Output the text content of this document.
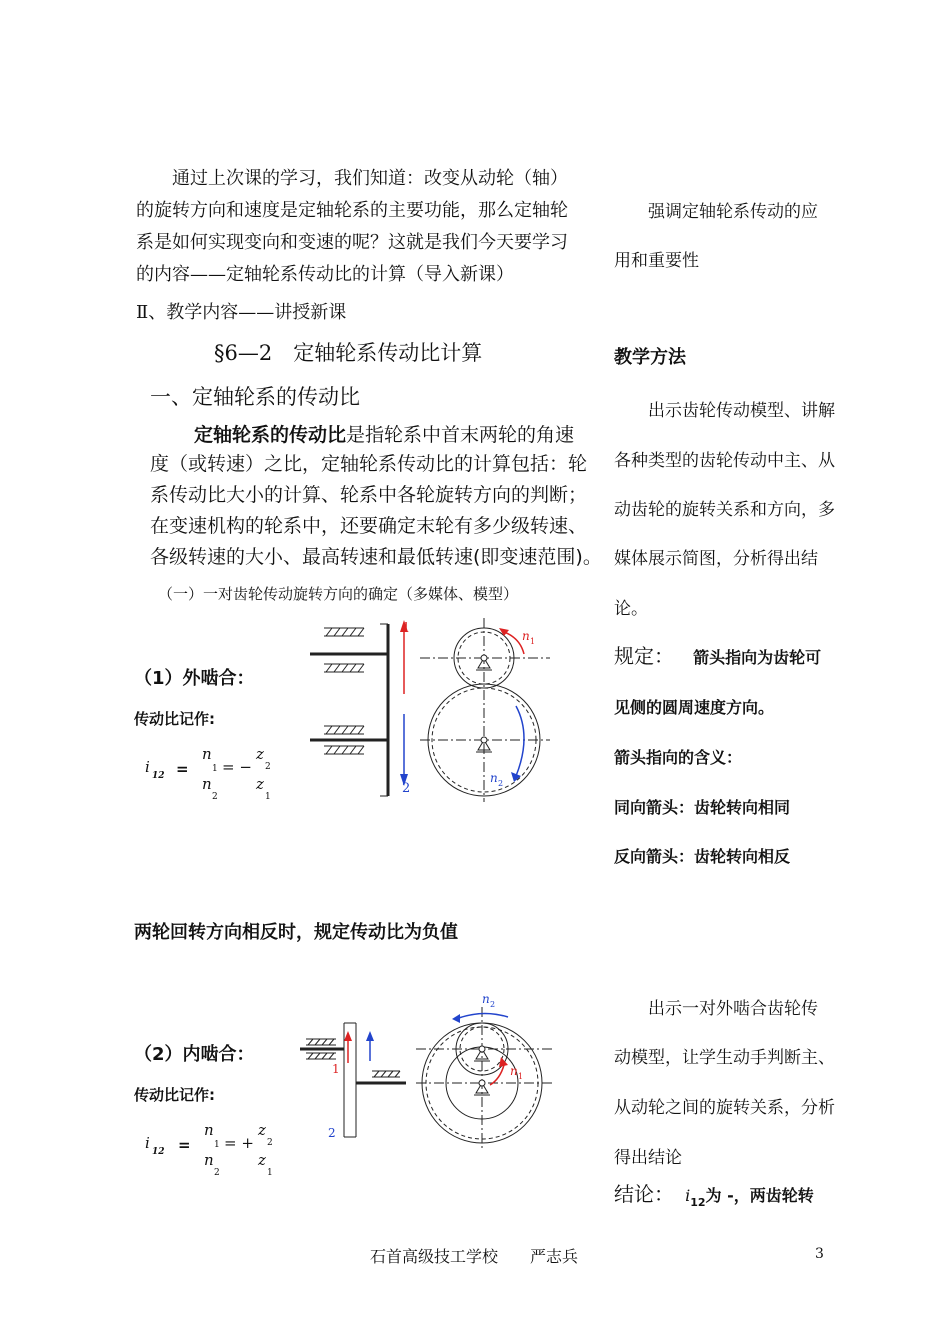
通过上次课的学习，我们知道：改变从动轮（轴）
的旋转方向和速度是定轴轮系的主要功能，那么定轴轮
系是如何实现变向和变速的呢？这就是我们今天要学习
的内容——定轴轮系传动比的计算（导入新课）
Ⅱ、教学内容——讲授新课
§6—2　定轴轮系传动比计算
一、定轴轮系的传动比
定轴轮系的传动比是指轮系中首末两轮的角速
度（或转速）之比，定轴轮系传动比的计算包括：轮
系传动比大小的计算、轮系中各轮旋转方向的判断；
在变速机构的轮系中，还要确定末轮有多少级转速、
各级转速的大小、最高转速和最低转速(即变速范围)。
（一）一对齿轮传动旋转方向的确定（多媒体、模型）
（1）外啮合：
传动比记作:
i 12 =
n
1
n
2
= −
z
2
z
1
1
2
n 1
n 2
两轮回转方向相反时，规定传动比为负值
（2）内啮合：
传动比记作:
i 12 =
n
1
n
2
= +
z
2
z
1
1
2
n 2
n 1
强调定轴轮系传动的应
用和重要性
教学方法
出示齿轮传动模型、讲解
各种类型的齿轮传动中主、从
动齿轮的旋转关系和方向，多
媒体展示简图，分析得出结
论。
规定： 箭头指向为齿轮可
见侧的圆周速度方向。
箭头指向的含义：
同向箭头：齿轮转向相同
反向箭头：齿轮转向相反
出示一对外啮合齿轮传
动模型，让学生动手判断主、
从动轮之间的旋转关系，分析
得出结论
结论： $i_{12}$为 -，两齿轮转
石首高级技工学校　　严志兵	3
